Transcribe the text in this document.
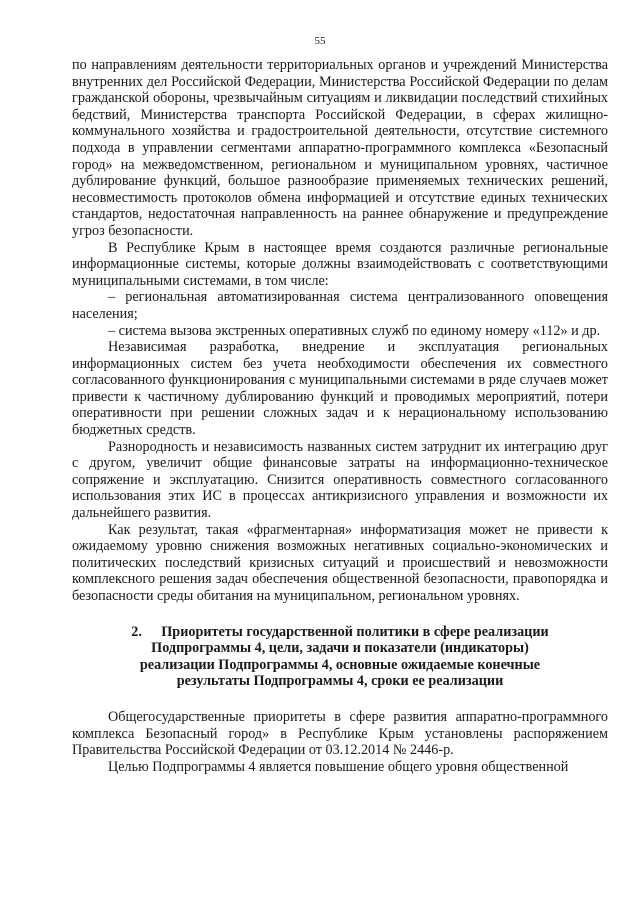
55

по направлениям деятельности территориальных органов и учреждений Министерства внутренних дел Российской Федерации, Министерства Российской Федерации по делам гражданской обороны, чрезвычайным ситуациям и ликвидации последствий стихийных бедствий, Министерства транспорта Российской Федерации, в сферах жилищно-коммунального хозяйства и градостроительной деятельности, отсутствие системного подхода в управлении сегментами аппаратно-программного комплекса «Безопасный город» на межведомственном, региональном и муниципальном уровнях, частичное дублирование функций, большое разнообразие применяемых технических решений, несовместимость протоколов обмена информацией и отсутствие единых технических стандартов, недостаточная направленность на раннее обнаружение и предупреждение угроз безопасности.

В Республике Крым в настоящее время создаются различные региональные информационные системы, которые должны взаимодействовать с соответствующими муниципальными системами, в том числе:

– региональная автоматизированная система централизованного оповещения населения;

– система вызова экстренных оперативных служб по единому номеру «112» и др.

Независимая разработка, внедрение и эксплуатация региональных информационных систем без учета необходимости обеспечения их совместного согласованного функционирования с муниципальными системами в ряде случаев может привести к частичному дублированию функций и проводимых мероприятий, потери оперативности при решении сложных задач и к нерациональному использованию бюджетных средств.

Разнородность и независимость названных систем затруднит их интеграцию друг с другом, увеличит общие финансовые затраты на информационно-техническое сопряжение и эксплуатацию. Снизится оперативность совместного согласованного использования этих ИС в процессах антикризисного управления и возможности их дальнейшего развития.

Как результат, такая «фрагментарная» информатизация может не привести к ожидаемому уровню снижения возможных негативных социально-экономических и политических последствий кризисных ситуаций и происшествий и невозможности комплексного решения задач обеспечения общественной безопасности, правопорядка и безопасности среды обитания на муниципальном, региональном уровнях.

2. Приоритеты государственной политики в сфере реализации
Подпрограммы 4, цели, задачи и показатели (индикаторы)
реализации Подпрограммы 4, основные ожидаемые конечные
результаты Подпрограммы 4, сроки ее реализации

Общегосударственные приоритеты в сфере развития аппаратно-программного комплекса Безопасный город» в Республике Крым установлены распоряжением Правительства Российской Федерации от 03.12.2014 № 2446-р.

Целью Подпрограммы 4 является повышение общего уровня общественной
